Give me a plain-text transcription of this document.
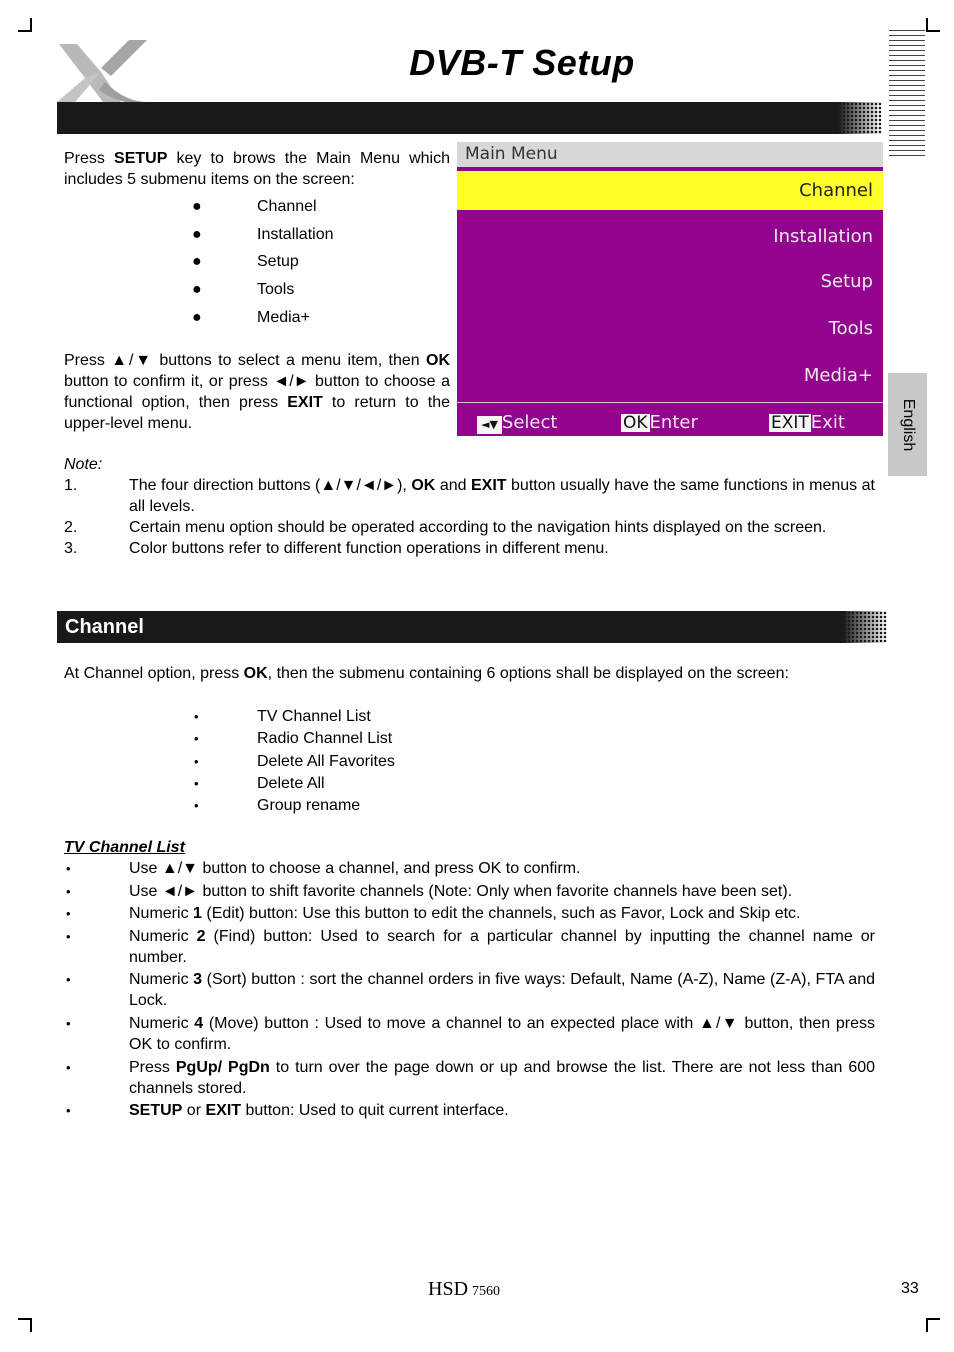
DVB-T Setup
Press SETUP key to brows the Main Menu which includes 5 submenu items on the screen:
●	Channel
●	Installation
●	Setup
●	Tools
●	Media+
Press ▲/▼ buttons to select a menu item, then OK button to confirm it, or press ◄/► button to choose a functional option, then press EXIT to return to the upper-level menu.
Main Menu
Channel
Installation
Setup
Tools
Media+
◄▼ Select	OK Enter	EXIT Exit	English
Note:
1.	The four direction buttons (▲/▼/◄/►), OK and EXIT button usually have the same functions in menus at all levels.
2.	Certain menu option should be operated according to the navigation hints displayed on the screen.
3.	Color buttons refer to different function operations in different menu.
Channel
At Channel option, press OK, then the submenu containing 6 options shall be displayed on the screen:
•	TV Channel List
•	Radio Channel List
•	Delete All Favorites
•	Delete All
•	Group rename
TV Channel List
•	Use ▲/▼ button to choose a channel, and press OK to confirm.
•	Use ◄/► button to shift favorite channels (Note: Only when favorite channels have been set).
•	Numeric 1 (Edit) button: Use this button to edit the channels, such as Favor, Lock and Skip etc.
•	Numeric 2 (Find) button: Used to search for a particular channel by inputting the channel name or number.
•	Numeric 3 (Sort) button : sort the channel orders in five ways: Default, Name (A-Z), Name (Z-A), FTA and Lock.
•	Numeric 4 (Move) button : Used to move a channel to an expected place with ▲/▼ button, then press OK to confirm.
•	Press PgUp/ PgDn to turn over the page down or up and browse the list. There are not less than 600 channels stored.
•	SETUP or EXIT button: Used to quit current interface.
HSD 7560	33
